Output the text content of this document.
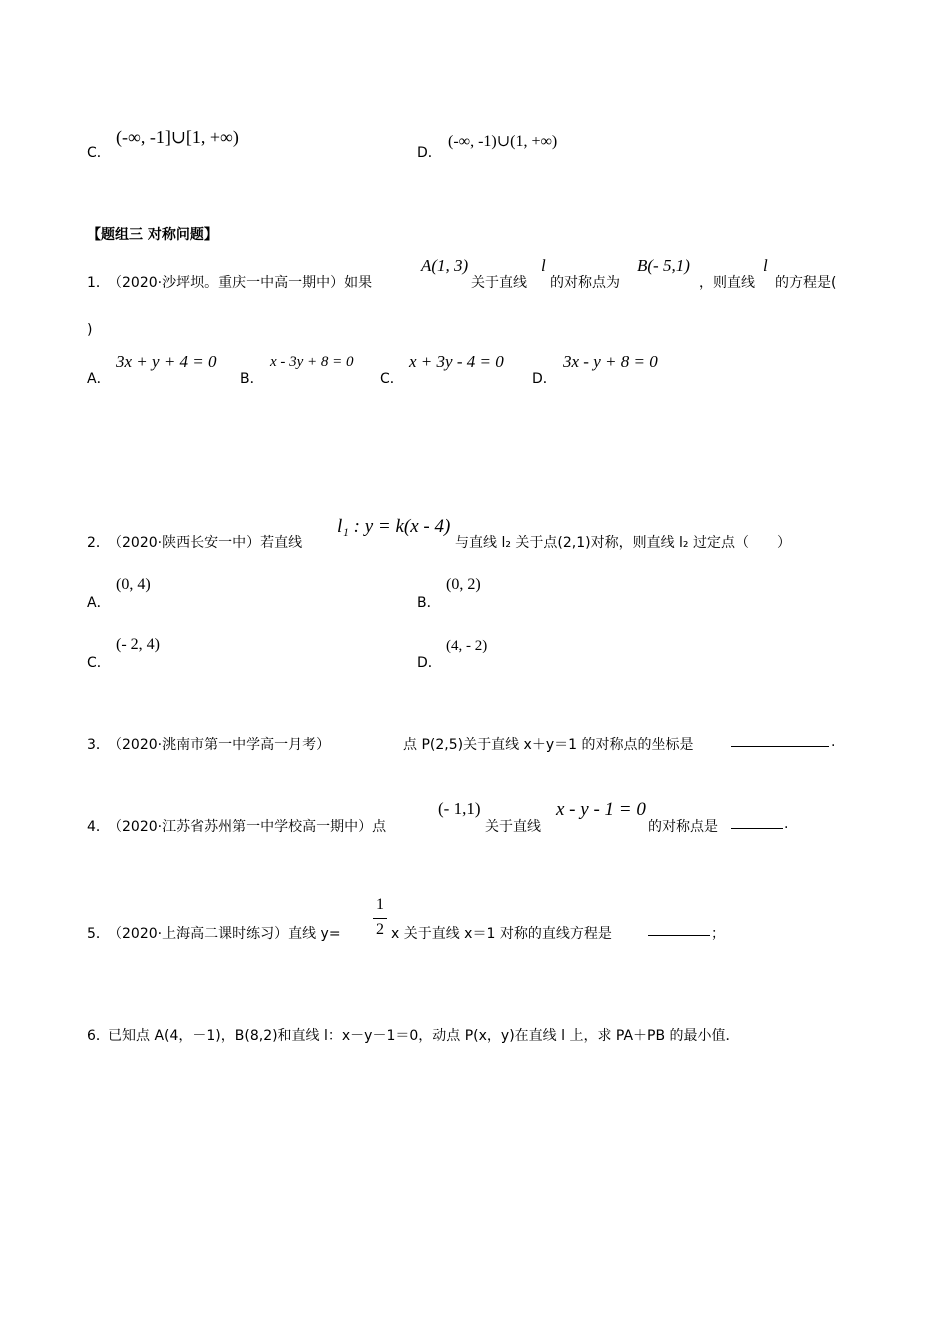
C．
(-∞, -1]∪[1, +∞)
D．
(-∞, -1)∪(1, +∞)
【题组三 对称问题】
1．
（2020·沙坪坝。重庆一中高一期中）如果
A(1, 3)
关于直线
l
的对称点为
B(- 5,1)
，则直线
l
的方程是(
)
A．
3x + y + 4 = 0
B．
x - 3y + 8 = 0
C．
x + 3y - 4 = 0
D．
3x - y + 8 = 0
2．
（2020·陕西长安一中）若直线
l₁ : y = k(x - 4)
与直线 l₂ 关于点(2,1)对称，则直线 l₂ 过定点（　　）
A．
(0, 4)
B．
(0, 2)
C．
(- 2, 4)
D．
(4, - 2)
3．
（2020·洮南市第一中学高一月考）	点 P(2,5)关于直线 x＋y＝1 的对称点的坐标是	.
4．
（2020·江苏省苏州第一中学校高一期中）点
(- 1,1)
关于直线
x - y - 1 = 0
的对称点是	.
5．
（2020·上海高二课时练习）直线 y=
1
2 x 关于直线 x＝1 对称的直线方程是	；
6．
已知点 A(4，－1)，B(8,2)和直线 l：x－y－1＝0，动点 P(x，y)在直线 l 上，求 PA＋PB 的最小值．
